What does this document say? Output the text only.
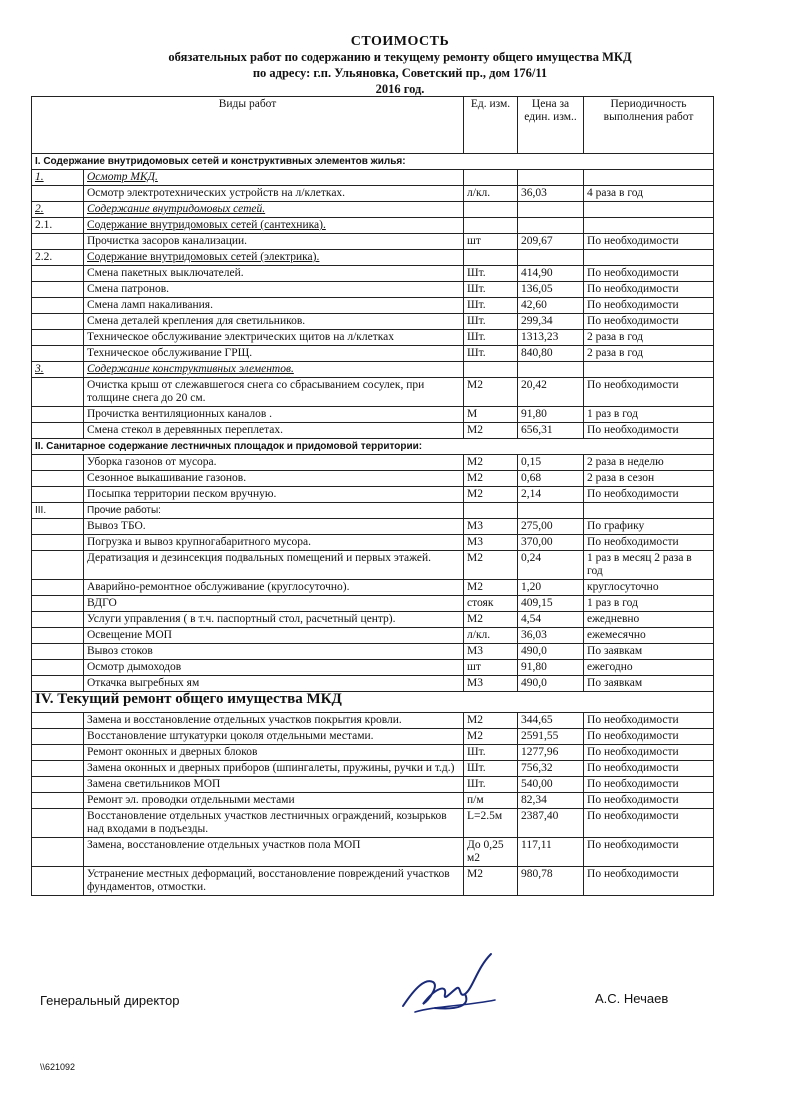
СТОИМОСТЬ
обязательных работ по содержанию и текущему ремонту общего имущества МКД
по адресу: г.п. Ульяновка, Советский пр., дом 176/11
2016 год.
Виды работ		Ед. изм.	Цена за един. изм..	Периодичность выполнения работ
I. Содержание внутридомовых сетей и конструктивных элементов жилья:				
1.	Осмотр МКД.			
	Осмотр электротехнических устройств на л/клетках.	л/кл.	36,03	4 раза в год
2.	Содержание внутридомовых сетей.			
2.1.	Содержание внутридомовых сетей (сантехника).			
	Прочистка засоров канализации.	шт	209,67	По необходимости
2.2.	Содержание внутридомовых сетей (электрика).			
	Смена пакетных выключателей.	Шт.	414,90	По необходимости
	Смена патронов.	Шт.	136,05	По необходимости
	Смена ламп накаливания.	Шт.	42,60	По необходимости
	Смена деталей крепления для светильников.	Шт.	299,34	По необходимости
	Техническое обслуживание электрических щитов на л/клетках	Шт.	1313,23	2 раза в год
	Техническое обслуживание ГРЩ.	Шт.	840,80	2 раза в год
3.	Содержание конструктивных элементов.			
	Очистка крыш от слежавшегося снега со сбрасыванием сосулек, при толщине снега до 20 см.	М2	20,42	По необходимости
	Прочистка вентиляционных каналов .	М	91,80	1 раз в год
	Смена стекол в деревянных переплетах.	М2	656,31	По необходимости
II. Санитарное содержание лестничных площадок и придомовой территории:				
	Уборка газонов от мусора.	М2	0,15	2 раза в неделю
	Сезонное выкашивание газонов.	М2	0,68	2 раза в сезон
	Посыпка территории песком вручную.	М2	2,14	По необходимости
III.	Прочие работы:			
	Вывоз ТБО.	М3	275,00	По графику
	Погрузка и вывоз крупногабаритного мусора.	М3	370,00	По необходимости
	Дератизация и дезинсекция подвальных помещений и первых этажей.	М2	0,24	1 раз в месяц 2 раза в год
	Аварийно-ремонтное обслуживание (круглосуточно).	М2	1,20	круглосуточно
	ВДГО	стояк	409,15	1 раз в год
	Услуги управления ( в т.ч. паспортный стол, расчетный центр).	М2	4,54	ежедневно
	Освещение МОП	л/кл.	36,03	ежемесячно
	Вывоз стоков	М3	490,0	По заявкам
	Осмотр дымоходов	шт	91,80	ежегодно
	Откачка выгребных ям	М3	490,0	По заявкам
IV. Текущий ремонт общего имущества МКД				
	Замена и восстановление отдельных участков покрытия кровли.	М2	344,65	По необходимости
	Восстановление штукатурки цоколя отдельными местами.	М2	2591,55	По необходимости
	Ремонт оконных и дверных блоков	Шт.	1277,96	По необходимости
	Замена оконных и дверных приборов (шпингалеты, пружины, ручки и т.д.)	Шт.	756,32	По необходимости
	Замена светильников МОП	Шт.	540,00	По необходимости
	Ремонт эл. проводки отдельными местами	п/м	82,34	По необходимости
	Восстановление отдельных участков лестничных ограждений, козырьков над входами в подъезды.	L=2.5м	2387,40	По необходимости
	Замена, восстановление отдельных участков пола МОП	До 0,25 м2	117,11	По необходимости
	Устранение местных деформаций, восстановление повреждений участков фундаментов, отмостки.	М2	980,78	По необходимости
Генеральный директор	А.С. Нечаев
\\621092
